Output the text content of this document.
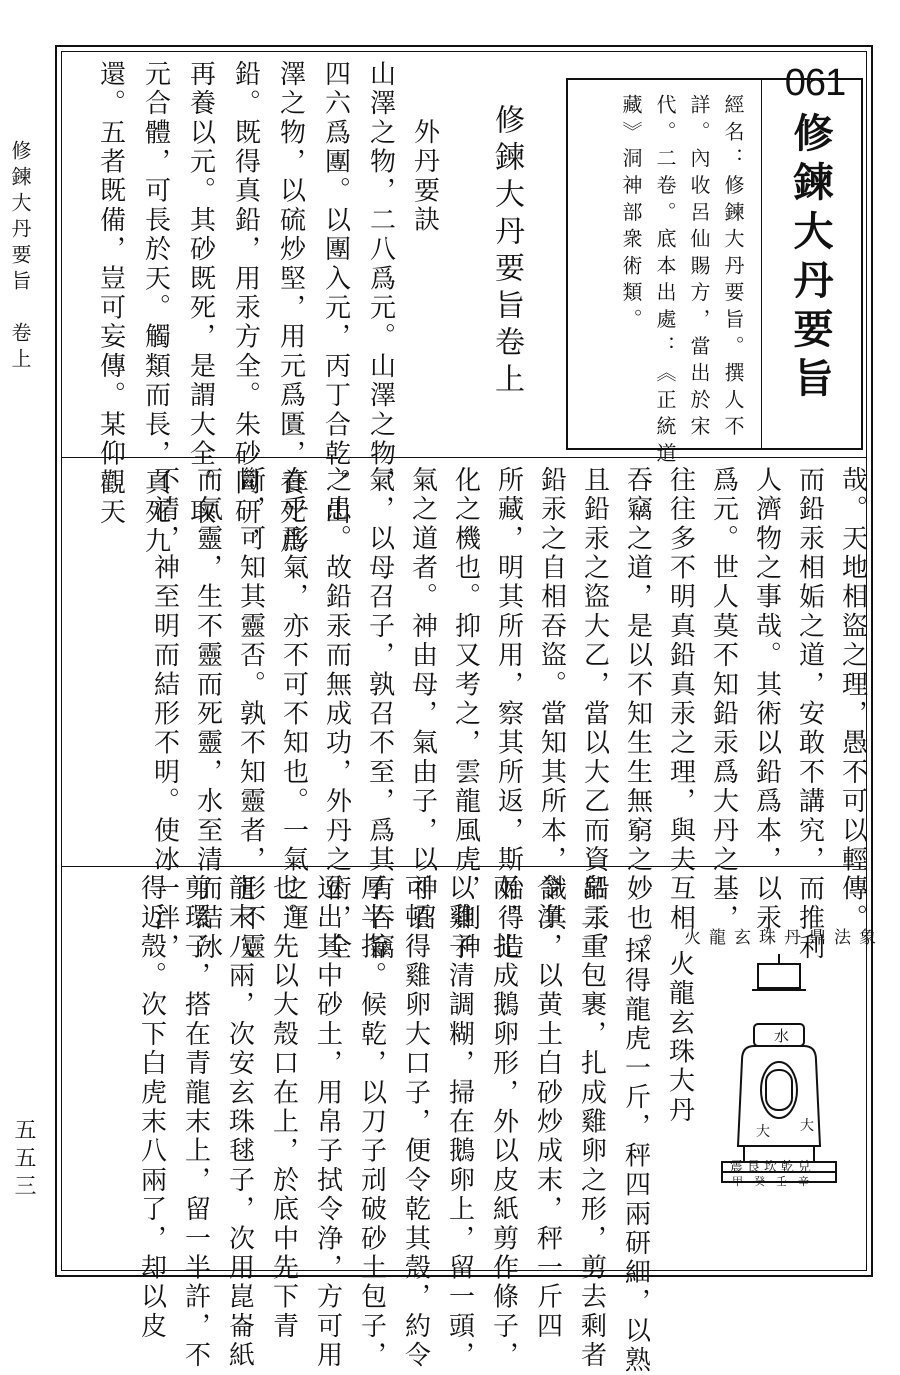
修鍊大丹要旨　卷上

五五三

061

修鍊大丹要旨

經名：修鍊大丹要旨。撰人不

詳。內收呂仙賜方，當出於宋

代。二卷。底本出處：《正統道

藏》洞神部衆術類。

修鍊大丹要旨卷上

外丹要訣

山澤之物，二八爲元。山澤之物，

四六爲團。以團入元，丙丁合乾。山

澤之物，以硫炒堅，用元爲匱，養死爲

鉛。既得真鉛，用汞方全。朱砂同研，

再養以元。其砂既死，是謂大全。取

元合體，可長於天。觸類而長，真死九

還。五者既備，豈可妄傳。某仰觀天

哉。天地相盜之理，愚不可以輕傳。

而鉛汞相姤之道，安敢不講究，而推利

人濟物之事哉。其術以鉛爲本，以汞

爲元。世人莫不知鉛汞爲大丹之基，

往往多不明真鉛真汞之理，與夫互相

吞竊之道，是以不知生生無窮之妙也。

且鉛汞之盜大乙，當以大乙而資鉛汞，

鉛汞之自相吞盜。當知其所本，識其

所藏，明其所用，察其所返，斯始得造

化之機也。抑又考之，雲龍風虎，則神

氣之道者。神由母，氣由子，以神召

氣，以母召子，孰召不至，爲其有吞竊

之患。故鉛汞而無成功，外丹之術，全

在乎形氣，亦不可不知也。一氣之運

斷，可知其靈否。孰不知靈者，形不靈

而氣靈，生不靈而死靈，水至清而結冰

不清，神至明而結形不明。使冰一泮，

火龍玄珠大丹

　採得龍虎一斤，秤四兩研細，以熟

帛二重包裹，扎成雞卵之形，剪去剩者

令浄，以黄土白砂炒成末，秤一斤四

兩，扎成鵝卵形，外以皮紙剪作條子，

以雞子清調糊，掃在鵝卵上，留一頭，

可頓得雞卵大口子，便令乾其殼，約令

厚半指。候乾，以刀子刓破砂土包子，

逗出其中砂土，用帛子拭令浄，方可用

也。先以大殼口在上，於底中先下青

龍末八兩，次安玄珠毬子，次用崑崙紙

剪環子，搭在青龍末上，留一半許，不

得近殼。次下白虎末八兩了，却以皮	火龍玄珠丹鼎法象
水
大 大
震艮坎乾兑
甲　癸　壬　辛
